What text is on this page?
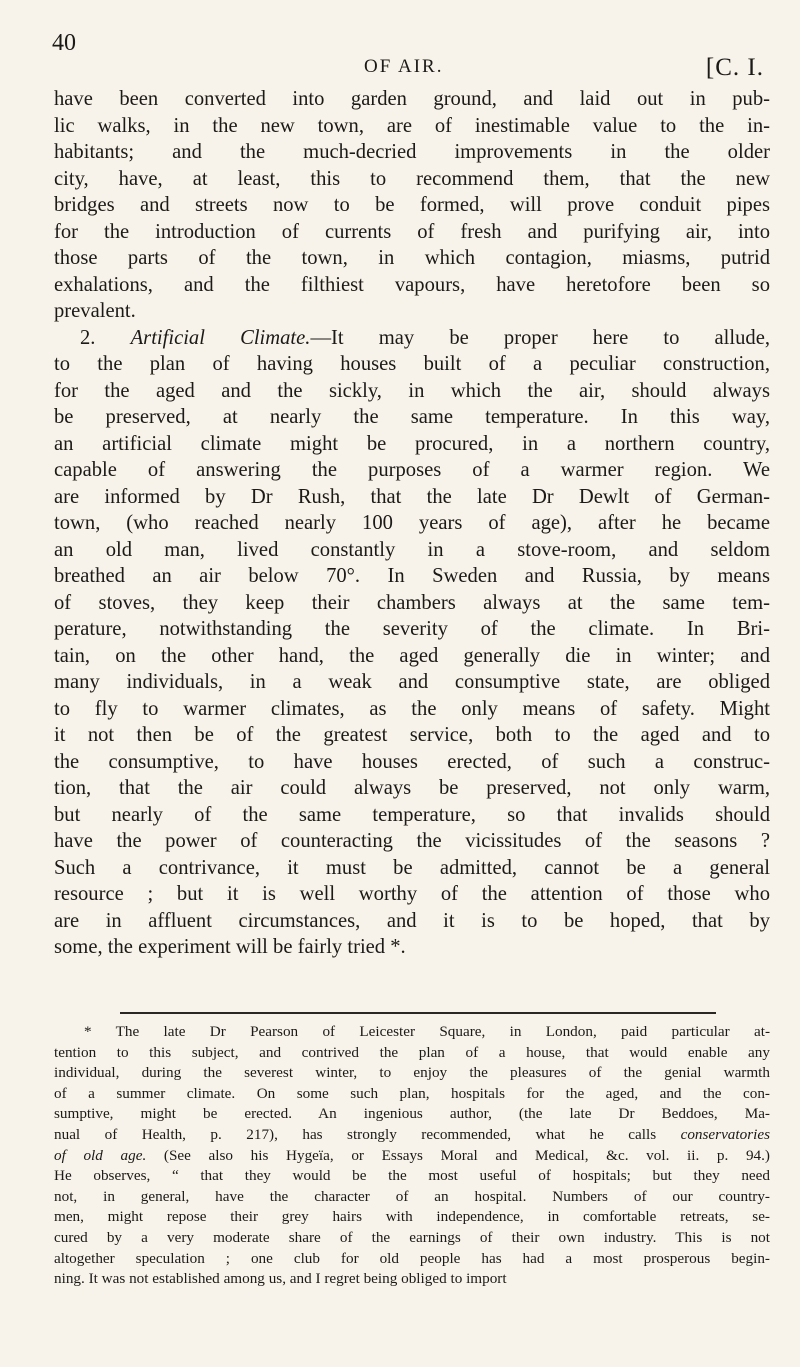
40
OF AIR.	[C. I.
have been converted into garden ground, and laid out in pub-
lic walks, in the new town, are of inestimable value to the in-
habitants; and the much-decried improvements in the older
city, have, at least, this to recommend them, that the new
bridges and streets now to be formed, will prove conduit pipes
for the introduction of currents of fresh and purifying air, into
those parts of the town, in which contagion, miasms, putrid
exhalations, and the filthiest vapours, have heretofore been so
prevalent.
2. Artificial Climate.—It may be proper here to allude,
to the plan of having houses built of a peculiar construction,
for the aged and the sickly, in which the air, should always
be preserved, at nearly the same temperature. In this way,
an artificial climate might be procured, in a northern country,
capable of answering the purposes of a warmer region. We
are informed by Dr Rush, that the late Dr Dewlt of German-
town, (who reached nearly 100 years of age), after he became
an old man, lived constantly in a stove-room, and seldom
breathed an air below 70°. In Sweden and Russia, by means
of stoves, they keep their chambers always at the same tem-
perature, notwithstanding the severity of the climate. In Bri-
tain, on the other hand, the aged generally die in winter; and
many individuals, in a weak and consumptive state, are obliged
to fly to warmer climates, as the only means of safety. Might
it not then be of the greatest service, both to the aged and to
the consumptive, to have houses erected, of such a construc-
tion, that the air could always be preserved, not only warm,
but nearly of the same temperature, so that invalids should
have the power of counteracting the vicissitudes of the seasons ?
Such a contrivance, it must be admitted, cannot be a general
resource ; but it is well worthy of the attention of those who
are in affluent circumstances, and it is to be hoped, that by
some, the experiment will be fairly tried *.
* The late Dr Pearson of Leicester Square, in London, paid particular at-
tention to this subject, and contrived the plan of a house, that would enable any
individual, during the severest winter, to enjoy the pleasures of the genial warmth
of a summer climate. On some such plan, hospitals for the aged, and the con-
sumptive, might be erected. An ingenious author, (the late Dr Beddoes, Ma-
nual of Health, p. 217), has strongly recommended, what he calls conservatories
of old age. (See also his Hygeïa, or Essays Moral and Medical, &c. vol. ii. p. 94.)
He observes, “ that they would be the most useful of hospitals; but they need
not, in general, have the character of an hospital. Numbers of our country-
men, might repose their grey hairs with independence, in comfortable retreats, se-
cured by a very moderate share of the earnings of their own industry. This is not
altogether speculation ; one club for old people has had a most prosperous begin-
ning. It was not established among us, and I regret being obliged to import
